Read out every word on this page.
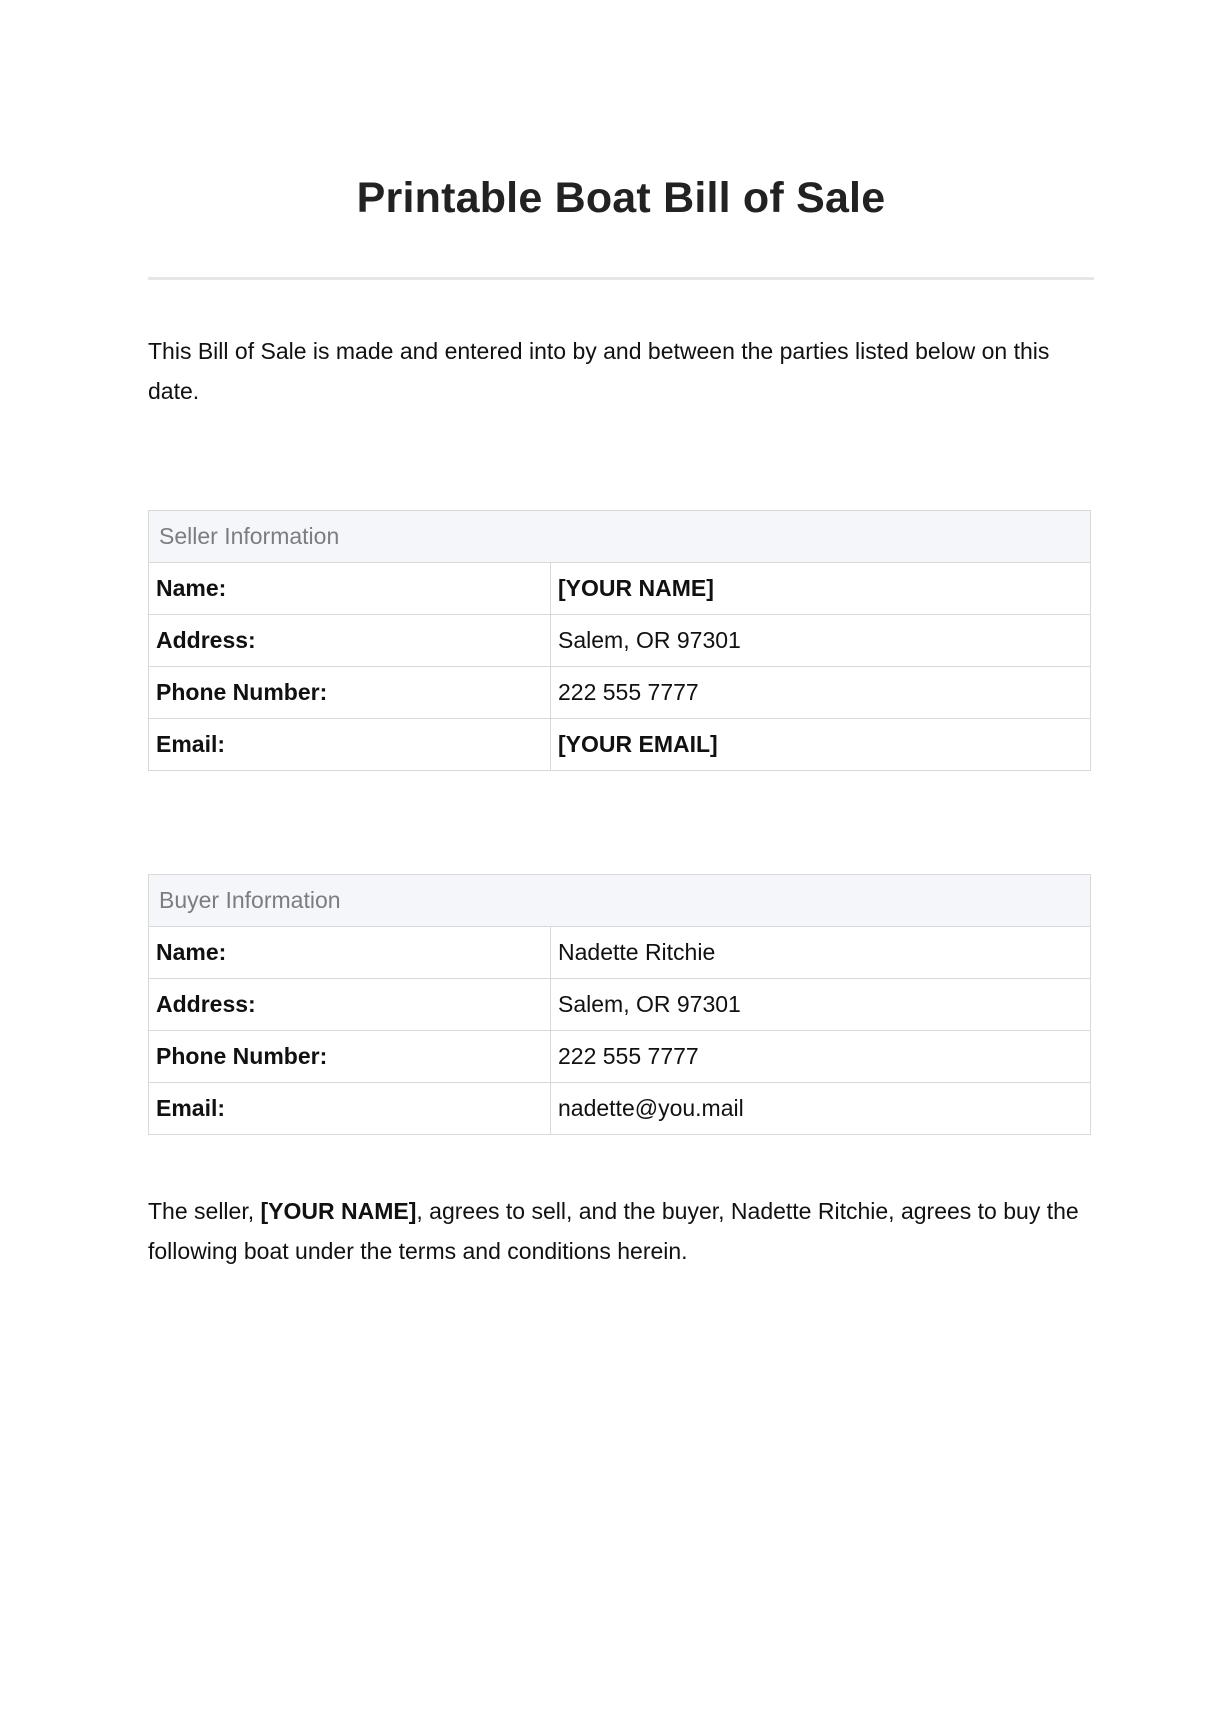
Printable Boat Bill of Sale

This Bill of Sale is made and entered into by and between the parties listed below on this date.

Seller Information	
Name:	[YOUR NAME]
Address:	Salem, OR 97301
Phone Number:	222 555 7777
Email:	[YOUR EMAIL]
Buyer Information	
Name:	Nadette Ritchie
Address:	Salem, OR 97301
Phone Number:	222 555 7777
Email:	nadette@you.mail

The seller, [YOUR NAME], agrees to sell, and the buyer, Nadette Ritchie, agrees to buy the following boat under the terms and conditions herein.
